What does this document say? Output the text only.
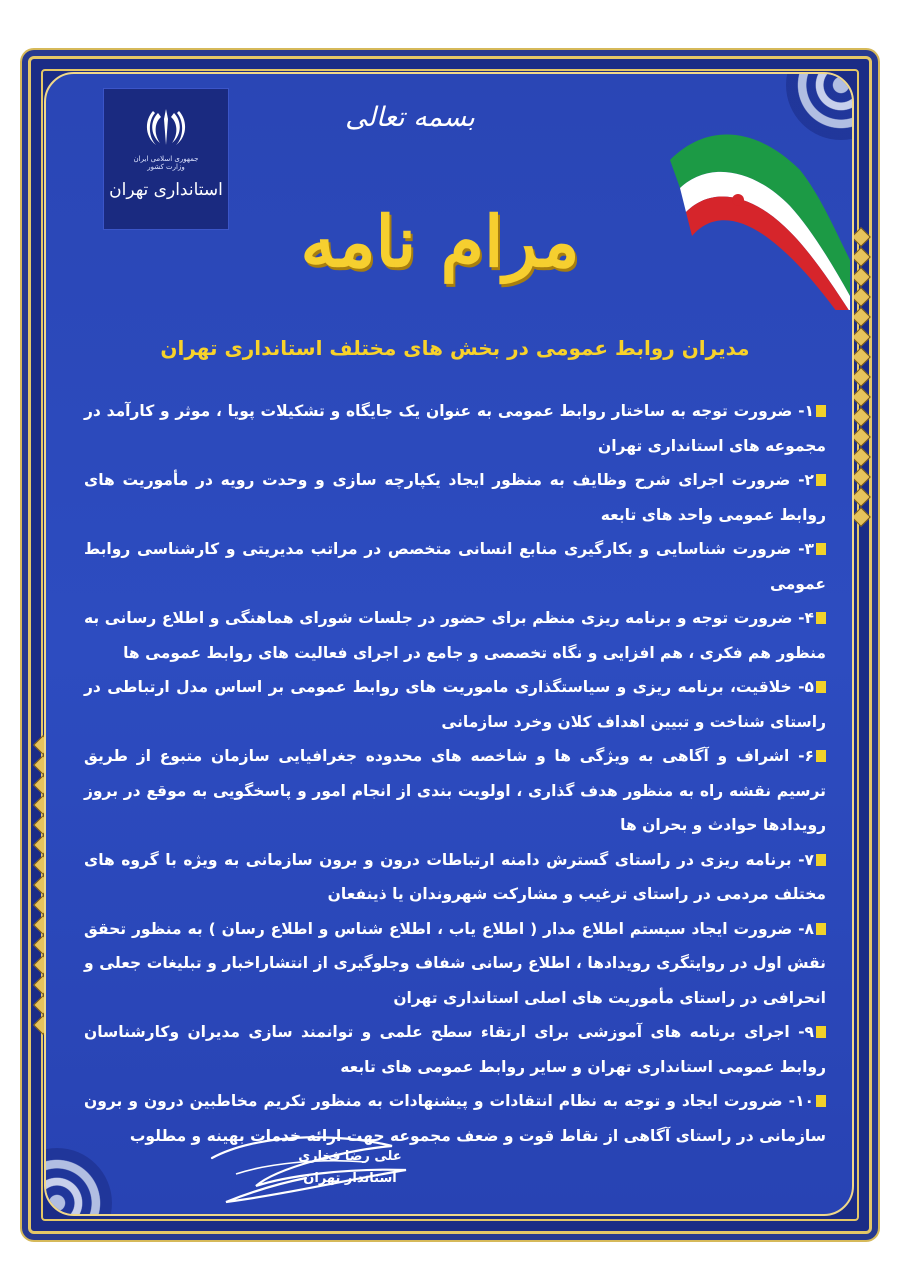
جمهوری اسلامی ایران
وزارت کشور
استانداری تهران
بسمه تعالی
مرام نامه
مدیران روابط عمومی در بخش های مختلف استانداری تهران

۱- ضرورت توجه به ساختار روابط عمومی به عنوان یک جایگاه و تشکیلات پویا ، موثر و کارآمد در مجموعه های استانداری تهران

۲- ضرورت اجرای شرح وظایف به منظور ایجاد یکپارچه سازی و وحدت رویه در مأموریت های روابط عمومی واحد های تابعه

۳- ضرورت شناسایی و بکارگیری منابع انسانی متخصص در مراتب مدیریتی و کارشناسی روابط عمومی

۴- ضرورت توجه و برنامه ریزی منظم برای حضور در جلسات شورای هماهنگی و اطلاع رسانی به منظور هم فکری ، هم افزایی و نگاه تخصصی و جامع در اجرای فعالیت های روابط عمومی ها

۵- خلاقیت، برنامه ریزی و سیاستگذاری ماموریت های روابط عمومی بر اساس مدل ارتباطی در راستای شناخت و تبیین اهداف کلان وخرد سازمانی

۶- اشراف و آگاهی به ویژگی ها و شاخصه های محدوده جغرافیایی سازمان متبوع از طریق ترسیم نقشه راه به منظور هدف گذاری ، اولویت بندی از انجام امور و پاسخگویی به موقع در بروز رویدادها حوادث و بحران ها

۷- برنامه ریزی در راستای گسترش دامنه ارتباطات درون و برون سازمانی به ویژه با گروه های مختلف مردمی در راستای ترغیب و مشارکت شهروندان یا ذینفعان

۸- ضرورت ایجاد سیستم اطلاع مدار ( اطلاع یاب ، اطلاع شناس و اطلاع رسان ) به منظور تحقق نقش اول در روایتگری رویدادها ، اطلاع رسانی شفاف وجلوگیری از انتشاراخبار و تبلیغات جعلی و انحرافی در راستای مأموریت های اصلی استانداری تهران

۹- اجرای برنامه های آموزشی برای ارتقاء سطح علمی و توانمند سازی مدیران وکارشناسان روابط عمومی استانداری تهران و سایر روابط عمومی های تابعه

۱۰- ضرورت ایجاد و توجه به نظام انتقادات و پیشنهادات به منظور تکریم مخاطبین درون و برون سازمانی در راستای آگاهی از نقاط قوت و ضعف مجموعه جهت ارائه خدمات بهینه و مطلوب

علی رضا فخاری
استاندار تهران
